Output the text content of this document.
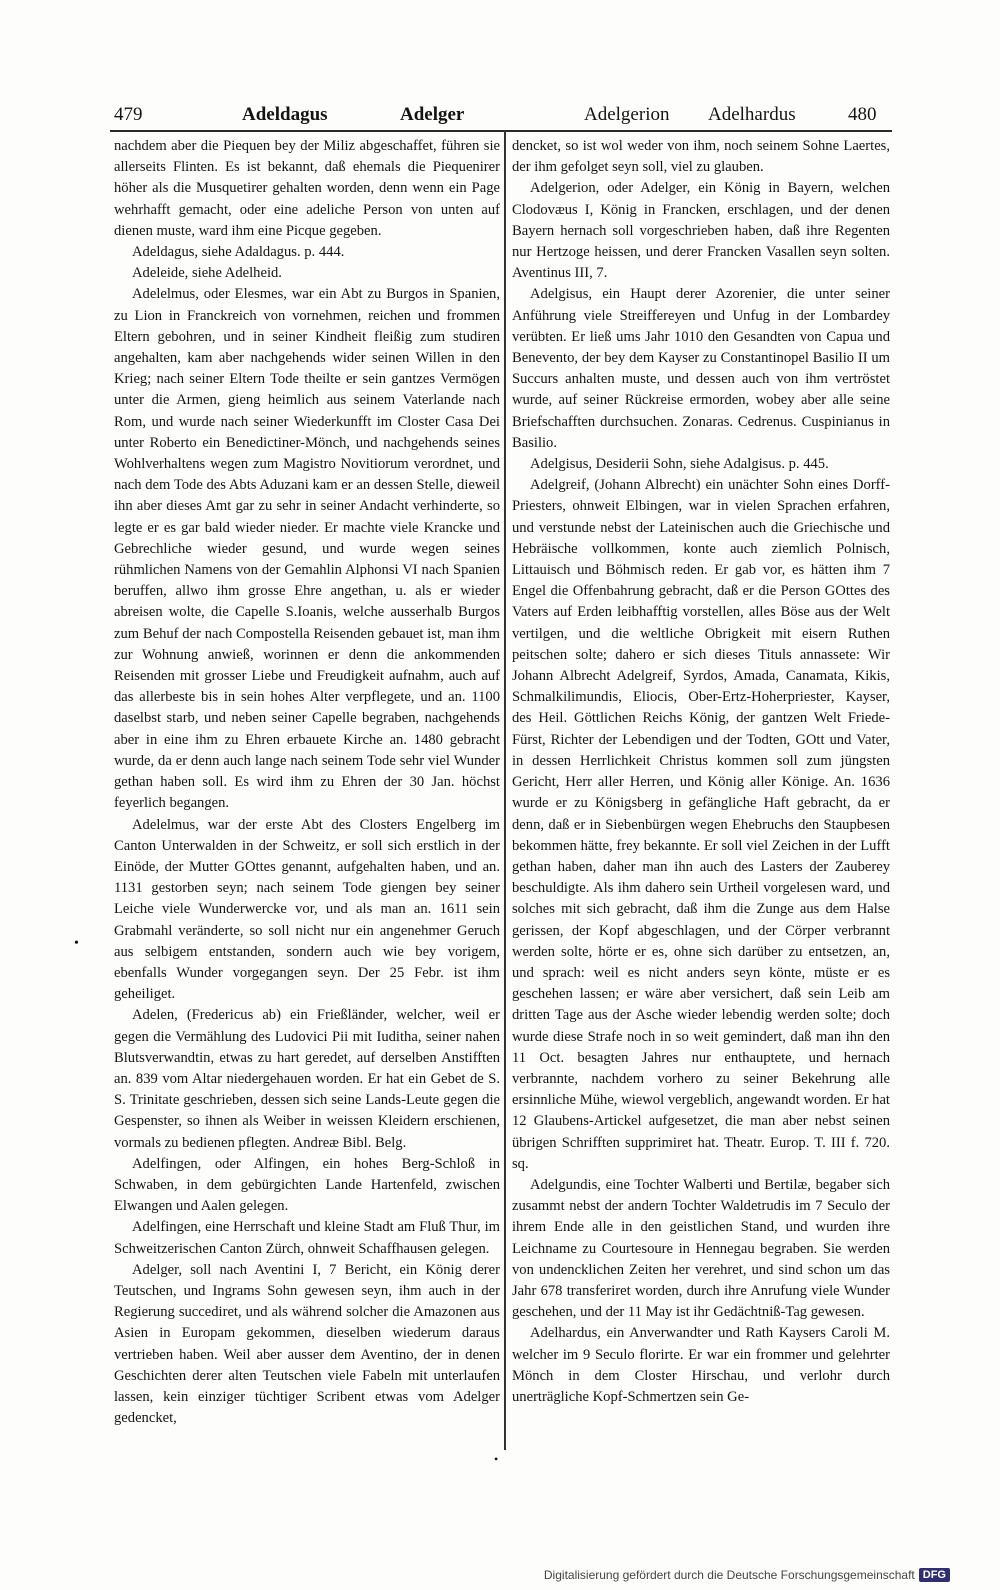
479	Adeldagus	Adelger	Adelgerion Adelhardus	480

nachdem aber die Piequen bey der Miliz abgeschaffet, führen sie allerseits Flinten. Es ist bekannt, daß ehemals die Piequenirer höher als die Musquetirer gehalten worden, denn wenn ein Page wehrhafft gemacht, oder eine adeliche Person von unten auf dienen muste, ward ihm eine Picque gegeben.

Adeldagus, siehe Adaldagus. p. 444.

Adeleide, siehe Adelheid.

Adelelmus, oder Elesmes, war ein Abt zu Burgos in Spanien, zu Lion in Franckreich von vornehmen, reichen und frommen Eltern gebohren, und in seiner Kindheit fleißig zum studiren angehalten, kam aber nachgehends wider seinen Willen in den Krieg; nach seiner Eltern Tode theilte er sein gantzes Vermögen unter die Armen, gieng heimlich aus seinem Vaterlande nach Rom, und wurde nach seiner Wiederkunfft im Closter Casa Dei unter Roberto ein Benedictiner-Mönch, und nachgehends seines Wohlverhaltens wegen zum Magistro Novitiorum verordnet, und nach dem Tode des Abts Aduzani kam er an dessen Stelle, dieweil ihn aber dieses Amt gar zu sehr in seiner Andacht verhinderte, so legte er es gar bald wieder nieder. Er machte viele Krancke und Gebrechliche wieder gesund, und wurde wegen seines rühmlichen Namens von der Gemahlin Alphonsi VI nach Spanien beruffen, allwo ihm grosse Ehre angethan, u. als er wieder abreisen wolte, die Capelle S.Ioanis, welche ausserhalb Burgos zum Behuf der nach Compostella Reisenden gebauet ist, man ihm zur Wohnung anwieß, worinnen er denn die ankommenden Reisenden mit grosser Liebe und Freudigkeit aufnahm, auch auf das allerbeste bis in sein hohes Alter verpflegete, und an. 1100 daselbst starb, und neben seiner Capelle begraben, nachgehends aber in eine ihm zu Ehren erbauete Kirche an. 1480 gebracht wurde, da er denn auch lange nach seinem Tode sehr viel Wunder gethan haben soll. Es wird ihm zu Ehren der 30 Jan. höchst feyerlich begangen.

Adelelmus, war der erste Abt des Closters Engelberg im Canton Unterwalden in der Schweitz, er soll sich erstlich in der Einöde, der Mutter GOttes genannt, aufgehalten haben, und an. 1131 gestorben seyn; nach seinem Tode giengen bey seiner Leiche viele Wunderwercke vor, und als man an. 1611 sein Grabmahl veränderte, so soll nicht nur ein angenehmer Geruch aus selbigem entstanden, sondern auch wie bey vorigem, ebenfalls Wunder vorgegangen seyn. Der 25 Febr. ist ihm geheiliget.

Adelen, (Fredericus ab) ein Frießländer, welcher, weil er gegen die Vermählung des Ludovici Pii mit Iuditha, seiner nahen Blutsverwandtin, etwas zu hart geredet, auf derselben Anstifften an. 839 vom Altar niedergehauen worden. Er hat ein Gebet de S. S. Trinitate geschrieben, dessen sich seine Lands-Leute gegen die Gespenster, so ihnen als Weiber in weissen Kleidern erschienen, vormals zu bedienen pflegten. Andreæ Bibl. Belg.

Adelfingen, oder Alfingen, ein hohes Berg-Schloß in Schwaben, in dem gebürgichten Lande Hartenfeld, zwischen Elwangen und Aalen gelegen.

Adelfingen, eine Herrschaft und kleine Stadt am Fluß Thur, im Schweitzerischen Canton Zürch, ohnweit Schaffhausen gelegen.

Adelger, soll nach Aventini I, 7 Bericht, ein König derer Teutschen, und Ingrams Sohn gewesen seyn, ihm auch in der Regierung succediret, und als während solcher die Amazonen aus Asien in Europam gekommen, dieselben wiederum daraus vertrieben haben. Weil aber ausser dem Aventino, der in denen Geschichten derer alten Teutschen viele Fabeln mit unterlaufen lassen, kein einziger tüchtiger Scribent etwas vom Adelger gedencket,

dencket, so ist wol weder von ihm, noch seinem Sohne Laertes, der ihm gefolget seyn soll, viel zu glauben.

Adelgerion, oder Adelger, ein König in Bayern, welchen Clodovæus I, König in Francken, erschlagen, und der denen Bayern hernach soll vorgeschrieben haben, daß ihre Regenten nur Hertzoge heissen, und derer Francken Vasallen seyn solten. Aventinus III, 7.

Adelgisus, ein Haupt derer Azorenier, die unter seiner Anführung viele Streiffereyen und Unfug in der Lombardey verübten. Er ließ ums Jahr 1010 den Gesandten von Capua und Benevento, der bey dem Kayser zu Constantinopel Basilio II um Succurs anhalten muste, und dessen auch von ihm vertröstet wurde, auf seiner Rückreise ermorden, wobey aber alle seine Briefschafften durchsuchen. Zonaras. Cedrenus. Cuspinianus in Basilio.

Adelgisus, Desiderii Sohn, siehe Adalgisus. p. 445.

Adelgreif, (Johann Albrecht) ein unächter Sohn eines Dorff-Priesters, ohnweit Elbingen, war in vielen Sprachen erfahren, und verstunde nebst der Lateinischen auch die Griechische und Hebräische vollkommen, konte auch ziemlich Polnisch, Littauisch und Böhmisch reden. Er gab vor, es hätten ihm 7 Engel die Offenbahrung gebracht, daß er die Person GOttes des Vaters auf Erden leibhafftig vorstellen, alles Böse aus der Welt vertilgen, und die weltliche Obrigkeit mit eisern Ruthen peitschen solte; dahero er sich dieses Tituls annassete: Wir Johann Albrecht Adelgreif, Syrdos, Amada, Canamata, Kikis, Schmalkilimundis, Eliocis, Ober-Ertz-Hoherpriester, Kayser, des Heil. Göttlichen Reichs König, der gantzen Welt Friede-Fürst, Richter der Lebendigen und der Todten, GOtt und Vater, in dessen Herrlichkeit Christus kommen soll zum jüngsten Gericht, Herr aller Herren, und König aller Könige. An. 1636 wurde er zu Königsberg in gefängliche Haft gebracht, da er denn, daß er in Siebenbürgen wegen Ehebruchs den Staupbesen bekommen hätte, frey bekannte. Er soll viel Zeichen in der Lufft gethan haben, daher man ihn auch des Lasters der Zauberey beschuldigte. Als ihm dahero sein Urtheil vorgelesen ward, und solches mit sich gebracht, daß ihm die Zunge aus dem Halse gerissen, der Kopf abgeschlagen, und der Cörper verbrannt werden solte, hörte er es, ohne sich darüber zu entsetzen, an, und sprach: weil es nicht anders seyn könte, müste er es geschehen lassen; er wäre aber versichert, daß sein Leib am dritten Tage aus der Asche wieder lebendig werden solte; doch wurde diese Strafe noch in so weit gemindert, daß man ihn den 11 Oct. besagten Jahres nur enthauptete, und hernach verbrannte, nachdem vorhero zu seiner Bekehrung alle ersinnliche Mühe, wiewol vergeblich, angewandt worden. Er hat 12 Glaubens-Artickel aufgesetzet, die man aber nebst seinen übrigen Schrifften supprimiret hat. Theatr. Europ. T. III f. 720. sq.

Adelgundis, eine Tochter Walberti und Bertilæ, begaber sich zusammt nebst der andern Tochter Waldetrudis im 7 Seculo der ihrem Ende alle in den geistlichen Stand, und wurden ihre Leichname zu Courtesoure in Hennegau begraben. Sie werden von undencklichen Zeiten her verehret, und sind schon um das Jahr 678 transferiret worden, durch ihre Anrufung viele Wunder geschehen, und der 11 May ist ihr Gedächtniß-Tag gewesen.

Adelhardus, ein Anverwandter und Rath Kaysers Caroli M. welcher im 9 Seculo florirte. Er war ein frommer und gelehrter Mönch in dem Closter Hirschau, und verlohr durch unerträgliche Kopf-Schmertzen sein Ge-

•
•
Digitalisierung gefördert durch die Deutsche Forschungsgemeinschaft DFG
